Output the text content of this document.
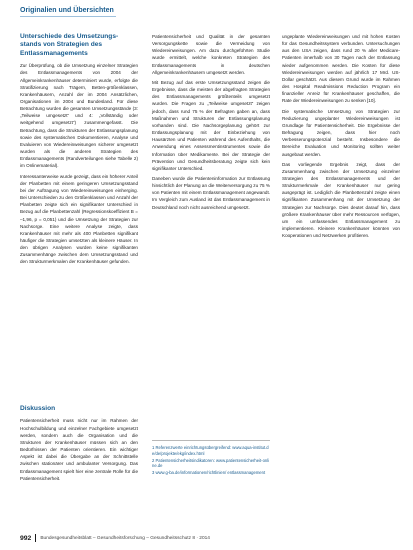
Originalien und Übersichten
Unterschiede des Umsetzungs-stands von Strategien des Entlassmanagements

Zur Überprüfung, ob die Umsetzung einzelner Strategien des Entlassmanagements von 2004 der Allgemeinkrankenhäuser determiniert wurde, erfolgte die Stratifizierung nach Trägern, Betten-größenklassen, Krankenhäusern, Anzahl der im 2004 Ansätzlichen, Organisationen im 2004 und Bundesland. Für diese Betrachtung wurden die gesamten Umsetzungsstände (3: „Teilweise umgesetzt“ und 4: „Vollständig oder weitgehend umgesetzt“) zusammengefasst. Die Betrachtung, dass die Strukturen der Entlassungsplanung sowie des systematischen Dokumentieren, Analyse und Evaluieren von Wiedereinweisungen sicherer umgesetzt wurden als die anderen Strategien des Entlassmanagements (Randverteilungen siehe Tabelle 2) im Onlinematerial).

Interessanterweise wurde gezeigt, dass ein höherer Anteil der Planbetten mit einem geringeren Umsetzungsstand bei der Auftragung von Wiedereinweisungen einherging. Bei Unterschieden zu den Größenklassen und Anzahl der Planbetten zeigte sich ein signifikanter Unterschied in Bezug auf die Planbettenzahl (Regressionskoeffizient B = –1,96, p = 0,051) und die Umsetzung der Strategien zur Nachsorge. Eine weitere Analyse zeigte, dass Krankenhäuser mit mehr als 400 Planbetten signifikant häufiger die Strategien umsetzten als kleinere Häuser. In den übrigen Analysen wurden keine signifikanten Zusammenhänge zwischen dem Umsetzungsstand und den Strukturmerkmalen der Krankenhäuser gefunden.

Diskussion

Patientensicherheit muss nicht nur im Rahmen der Hochschulbildung und einzelner Fachgebiete umgesetzt werden, sondern auch die Organisation und die Strukturen der Krankenhäuser müssen sich an den Bedürfnissen der Patienten orientieren. Ein wichtiger Aspekt ist dabei die Übergabe an der Schnittstelle zwischen stationärer und ambulanter Versorgung. Das Entlassmanagement spielt hier eine zentrale Rolle für die Patientensicherheit.

Patientensicherheit und Qualität in der gesamten Versorgungskette sowie die Vermeidung von Wiedereinweisungen. Am dazu durchgeführten Studie wurde ermittelt, welche konkreten Strategien des Entlassmanagements in deutschen Allgemeinkrankenhäusern umgesetzt werden.

Mit Bezug auf das erste Umsetzungsstand zeigen die Ergebnisse, dass die meisten der abgefragten Strategien des Entlassmanagements größtenteils umgesetzt wurden. Die Fragen zu „Teilweise umgesetzt“ zeigen jedoch, dass rund 75 % der Befragten gaben an, dass Maßnahmen und Strukturen der Entlassungsplanung vorhanden sind. Die Nachsorgeplanung gehört zur Entlassungsplanung mit der Einbeziehung von Hausärzten und Patienten während des Aufenthalts, die Anwendung eines Assessmentinstrumentes sowie die Information über Medikamente. Bei der Strategie der Prävention und Gesundheitsberatung zeigte sich kein signifikanter Unterschied.

Daneben wurde die Patienteninformation zur Entlassung hinsichtlich der Planung an die Weiterversorgung zu 75 % von Patienten mit einem Entlassmanagement angewandt. Im Vergleich zum Ausland ist das Entlassmanagement in Deutschland noch nicht ausreichend umgesetzt.

1 Referenzwerte einrichtungsübergreifend: www.aqua-institut.de/de/projekte/ekg/index.html

2 Patientensicherheitsindikatoren: www.patientensicherheit-online.de

3 www.g-ba.de/informationen/richtlinien/ entlassmanagement

ungeplante Wiedereinweisungen und mit hohen Kosten für das Gesundheitssystem verbunden. Untersuchungen aus den USA zeigen, dass rund 20 % aller Medicare-Patienten innerhalb von 30 Tagen nach der Entlassung wieder aufgenommen werden. Die Kosten für diese Wiedereinweisungen werden auf jährlich 17 Mrd. US-Dollar geschätzt. Aus diesem Grund wurde im Rahmen des Hospital Readmissions Reduction Program ein finanzieller Anreiz für Krankenhäuser geschaffen, die Rate der Wiedereinweisungen zu senken [10].

Die systematische Umsetzung von Strategien zur Reduzierung ungeplanter Wiedereinweisungen ist Grundlage für Patientensicherheit. Die Ergebnisse der Befragung zeigen, dass hier noch Verbesserungspotenzial besteht. Insbesondere die Bereiche Evaluation und Monitoring sollten weiter ausgebaut werden.

Das vorliegende Ergebnis zeigt, dass der Zusammenhang zwischen der Umsetzung einzelner Strategien des Entlassmanagements und der Strukturmerkmale der Krankenhäuser nur gering ausgeprägt ist. Lediglich die Planbettenzahl zeigte einen signifikanten Zusammenhang mit der Umsetzung der Strategien zur Nachsorge. Dies deutet darauf hin, dass größere Krankenhäuser über mehr Ressourcen verfügen, um ein umfassendes Entlassmanagement zu implementieren. Kleinere Krankenhäuser könnten von Kooperationen und Netzwerken profitieren.

992 Bundesgesundheitsblatt – Gesundheitsforschung – Gesundheitsschutz 8 · 2014
